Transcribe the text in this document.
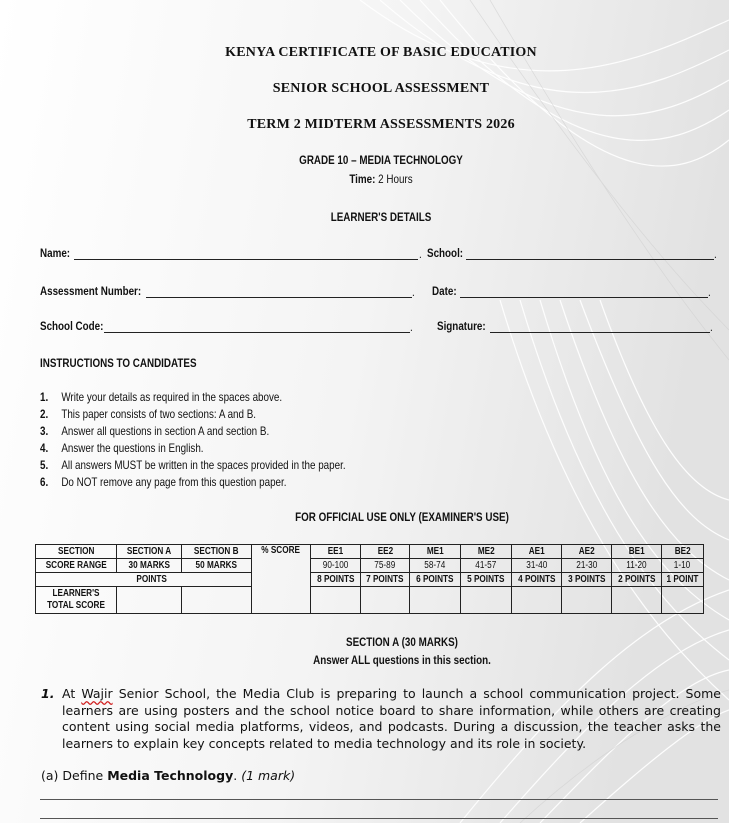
KENYA CERTIFICATE OF BASIC EDUCATION
SENIOR SCHOOL ASSESSMENT
TERM 2 MIDTERM ASSESSMENTS 2026
GRADE 10 – MEDIA TECHNOLOGY
Time: 2 Hours
LEARNER'S DETAILS
Name:	. School:	.
Assessment Number:	. Date:	.
School Code:	. Signature:	.
INSTRUCTIONS TO CANDIDATES
1. Write your details as required in the spaces above.
2. This paper consists of two sections: A and B.
3. Answer all questions in section A and section B.
4. Answer the questions in English.
5. All answers MUST be written in the spaces provided in the paper.
6. Do NOT remove any page from this question paper.
FOR OFFICIAL USE ONLY (EXAMINER'S USE)
SECTION	SECTION A	SECTION B	% SCORE	EE1	EE2	ME1	ME2	AE1	AE2	BE1	BE2
SCORE RANGE	30 MARKS	50 MARKS		90-100	75-89	58-74	41-57	31-40	21-30	11-20	1-10
	POINTS			8 POINTS	7 POINTS	6 POINTS	5 POINTS	4 POINTS	3 POINTS	2 POINTS	1 POINT
LEARNER'S TOTAL SCORE											
SECTION A (30 MARKS)
Answer ALL questions in this section.
1. At Wajir Senior School, the Media Club is preparing to launch a school communication project. Some learners are using posters and the school notice board to share information, while others are creating content using social media platforms, videos, and podcasts. During a discussion, the teacher asks the learners to explain key concepts related to media technology and its role in society.
(a) Define Media Technology. (1 mark)
